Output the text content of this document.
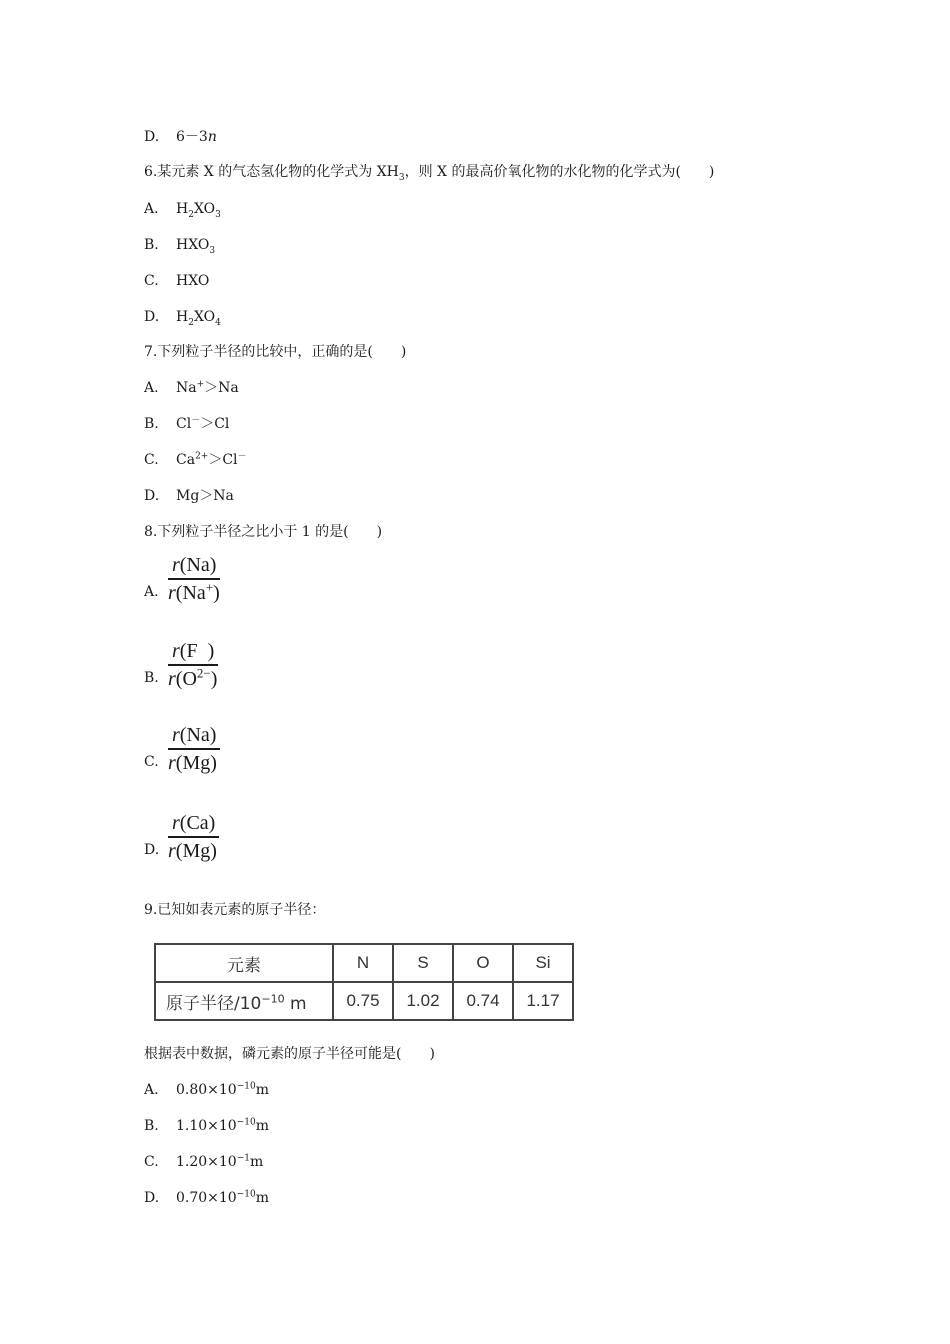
D. 6－3n
6.某元素 X 的气态氢化物的化学式为 $XH_3$，则 X 的最高价氧化物的水化物的化学式为(　　)
A. $H_2XO_3$
B. $HXO_3$
C. HXO
D. $H_2XO_4$
7.下列粒子半径的比较中，正确的是(　　)
A. Na+＞Na
B. Cl－＞Cl
C. $Ca^{2+}>Cl^-$
D. Mg＞Na
8.下列粒子半径之比小于 1 的是(　　)
A. $\frac{r(Na)}{r(Na^+)}$
B. $\frac{r(F )}{r(O^{2-})}$
C. $\frac{r(Na)}{r(Mg)}$
D. $\frac{r(Ca)}{r(Mg)}$
9.已知如表元素的原子半径：
元素	N	S	O	Si
原子半径$/10^{-10}$ m	0.75	1.02	0.74	1.17
根据表中数据，磷元素的原子半径可能是(　　)
A. $0.80\times 10^{-10}m$
B. $1.10\times 10^{-10}m$
C. $1.20\times 10^{-1}m$
D. $0.70\times 10^{-10}m$
